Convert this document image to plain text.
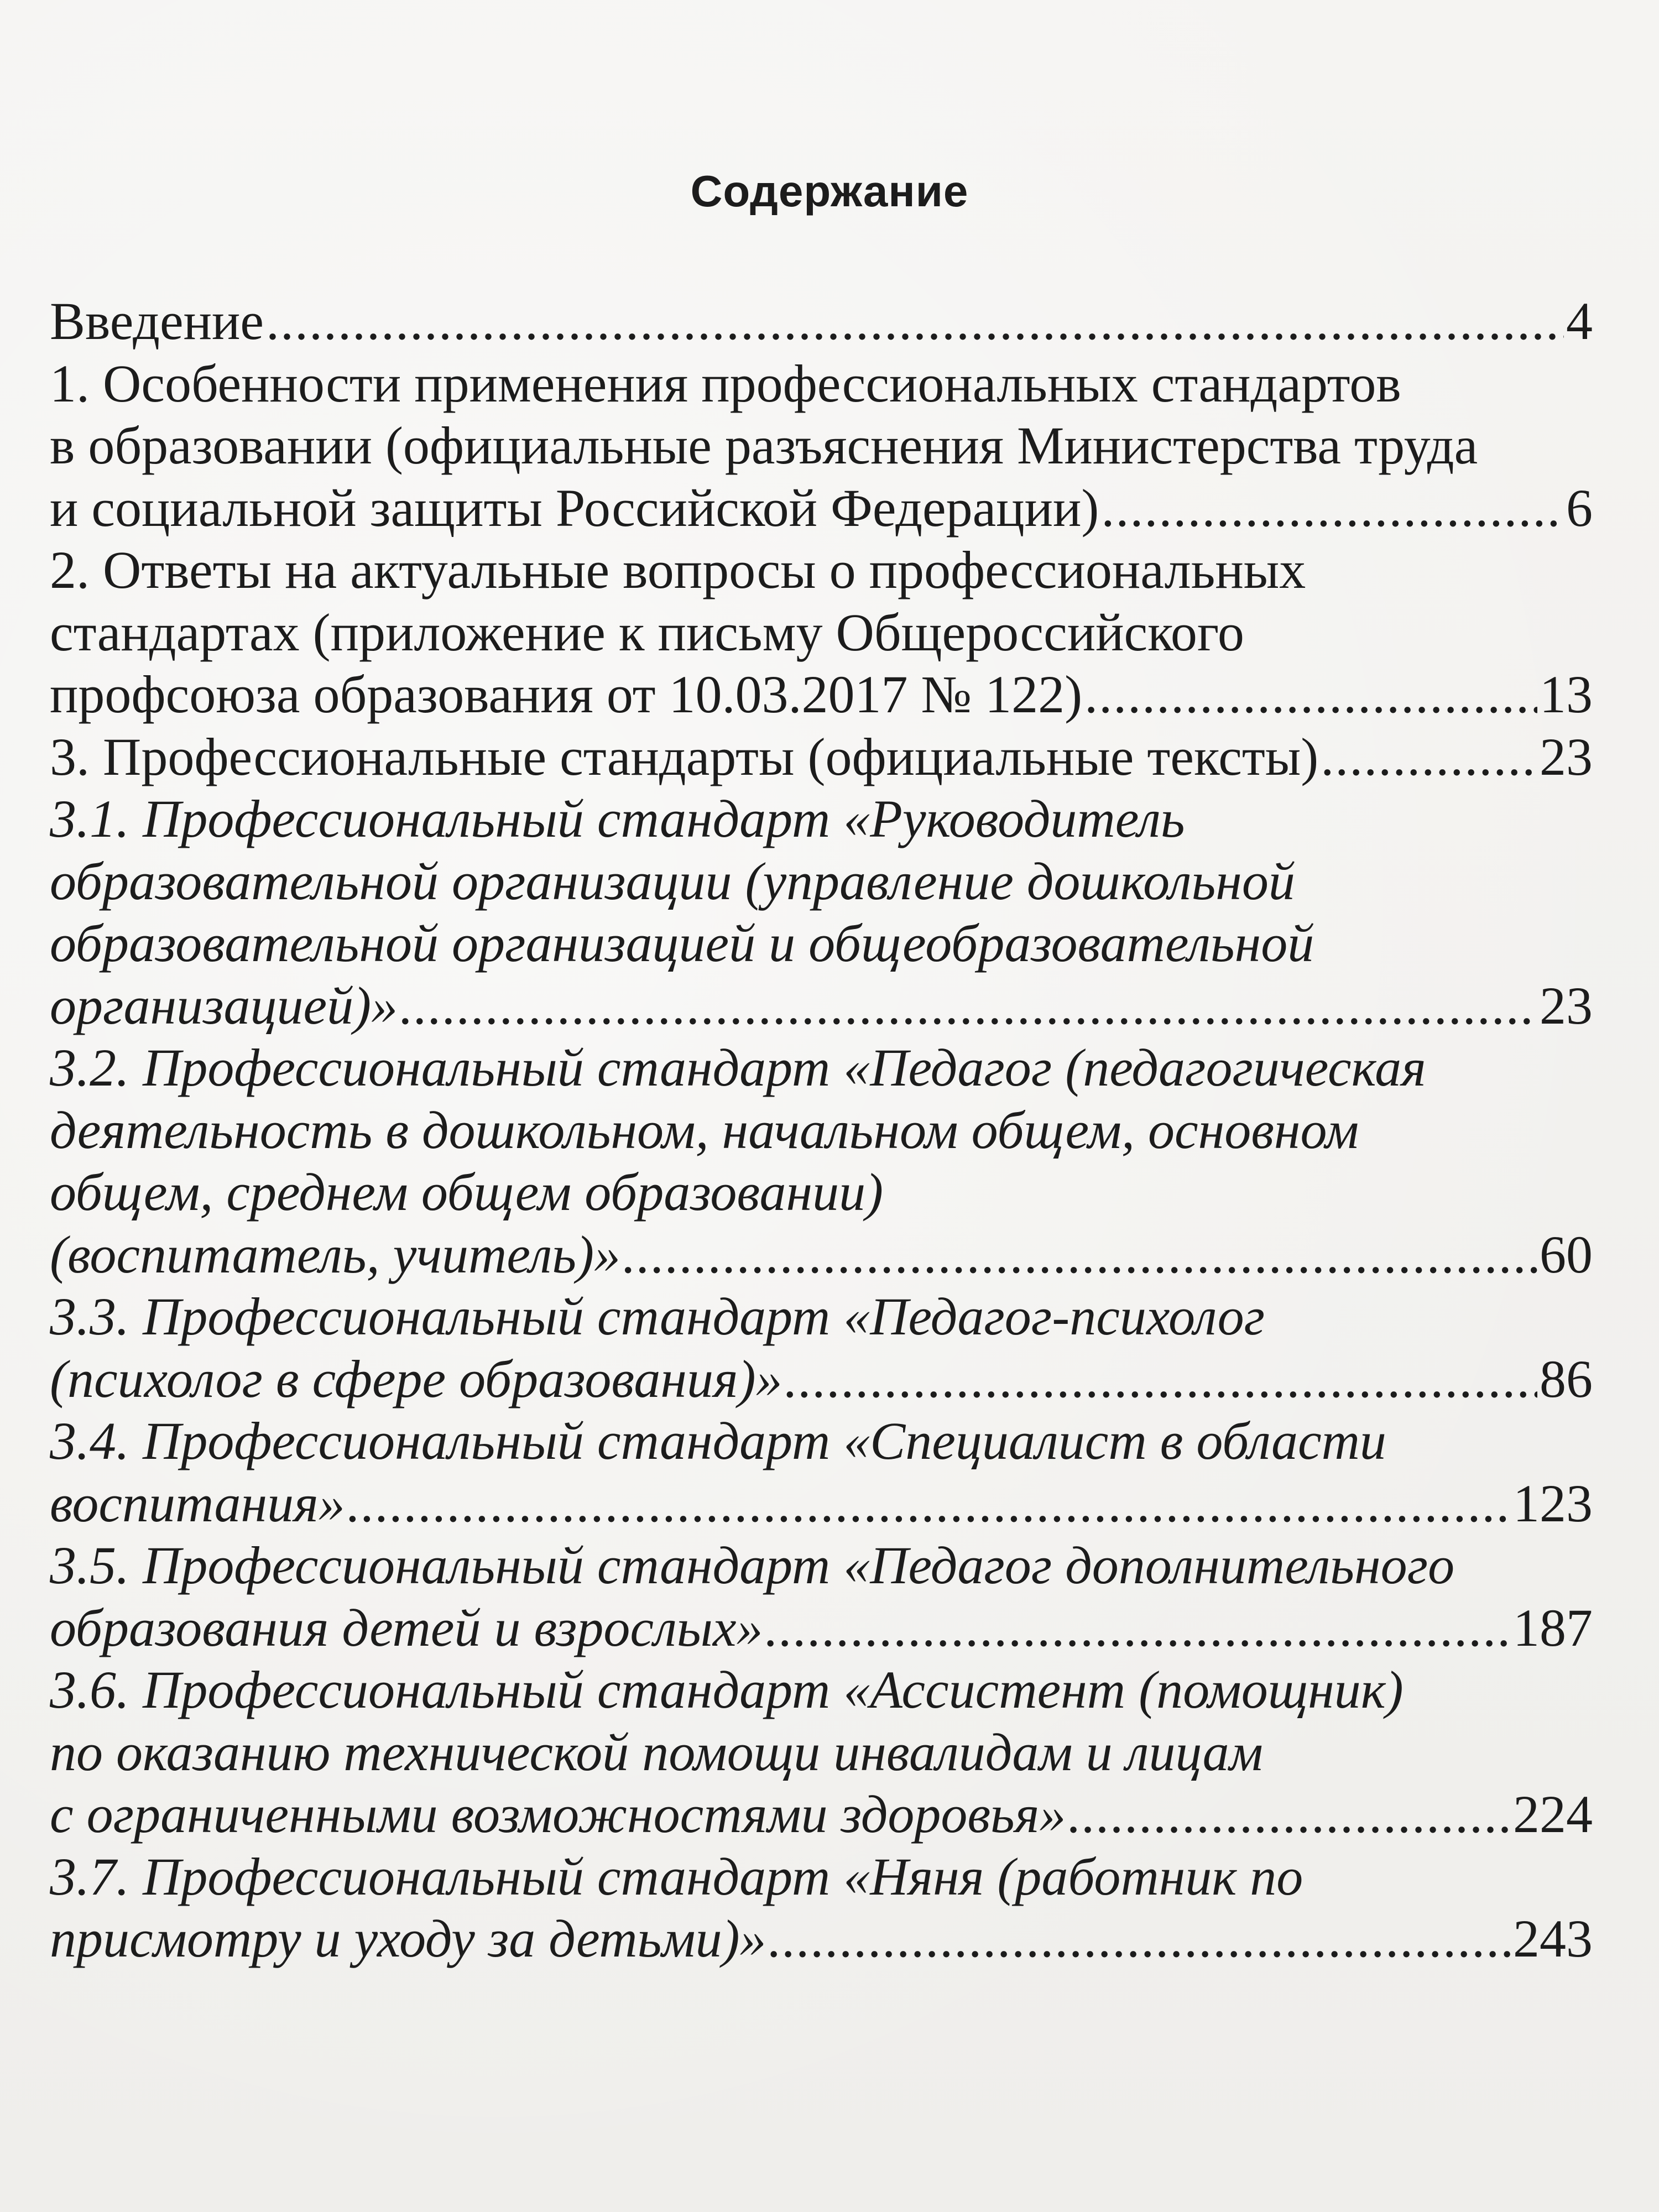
Содержание
Введение .....	4
1. Особенности применения профессиональных стандартов
в образовании (официальные разъяснения Министерства труда
и социальной защиты Российской Федерации) .....	6
2. Ответы на актуальные вопросы о профессиональных
стандартах (приложение к письму Общероссийского
профсоюза образования от 10.03.2017 № 122) .....	13
3. Профессиональные стандарты (официальные тексты) .....	23
3.1. Профессиональный стандарт «Руководитель
образовательной организации (управление дошкольной
образовательной организацией и общеобразовательной
организацией)» .....	23
3.2. Профессиональный стандарт «Педагог (педагогическая
деятельность в дошкольном, начальном общем, основном
общем, среднем общем образовании)
(воспитатель, учитель)» .....	60
3.3. Профессиональный стандарт «Педагог-психолог
(психолог в сфере образования)» .....	86
3.4. Профессиональный стандарт «Специалист в области
воспитания» .....	123
3.5. Профессиональный стандарт «Педагог дополнительного
образования детей и взрослых» .....	187
3.6. Профессиональный стандарт «Ассистент (помощник)
по оказанию технической помощи инвалидам и лицам
с ограниченными возможностями здоровья» .....	224
3.7. Профессиональный стандарт «Няня (работник по
присмотру и уходу за детьми)» .....	243
